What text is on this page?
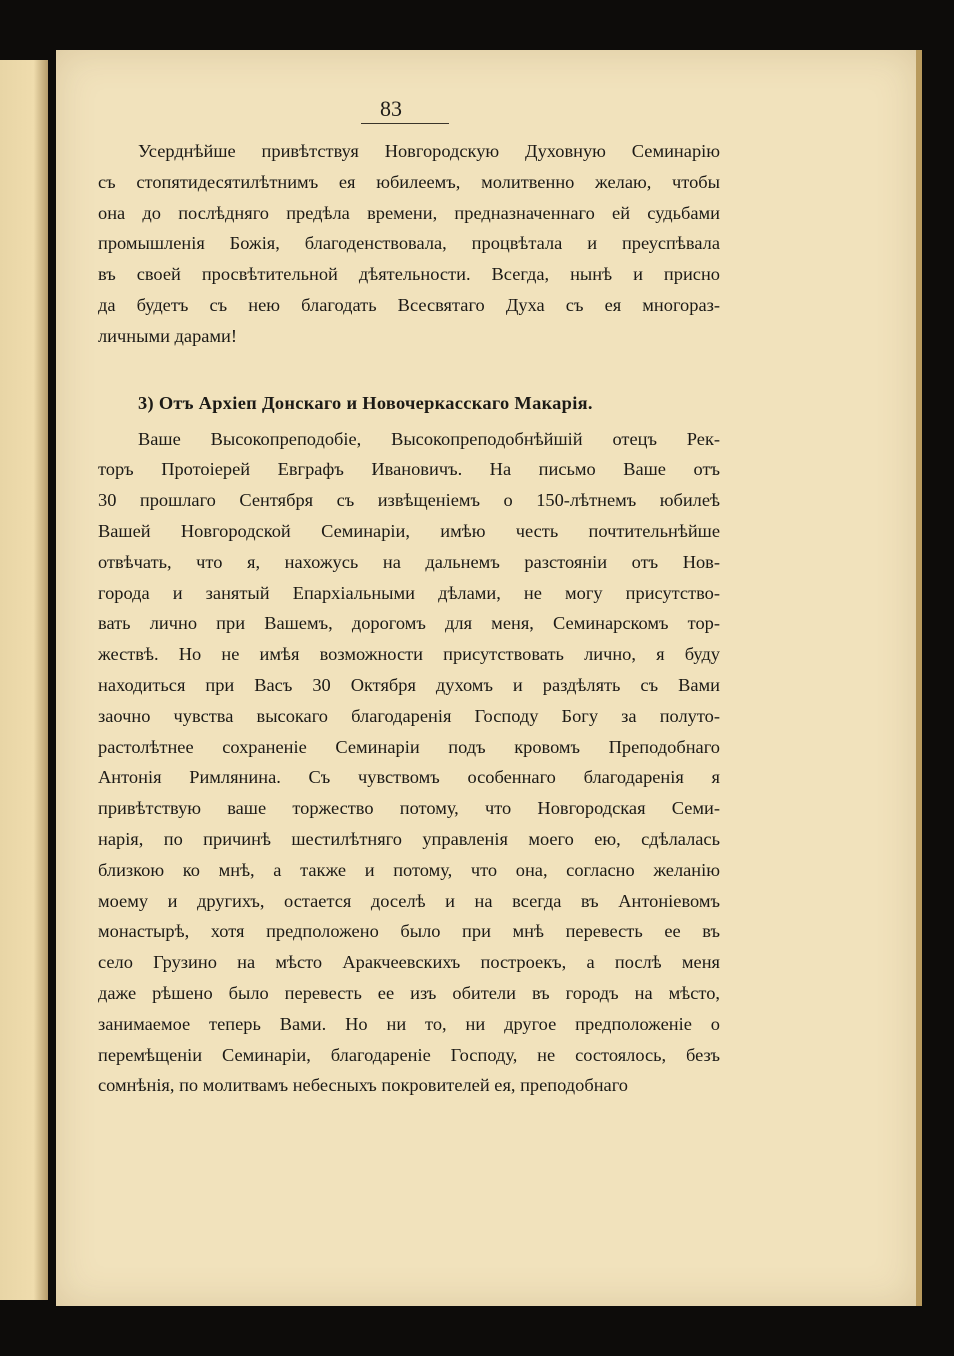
83

Усерднѣйше привѣтствуя Новгородскую Духовную Семинарію
съ стопятидесятилѣтнимъ ея юбилеемъ, молитвенно желаю, чтобы
она до послѣдняго предѣла времени, предназначеннаго ей судьбами
промышленія Божія, благоденствовала, процвѣтала и преуспѣвала
въ своей просвѣтительной дѣятельности. Всегда, нынѣ и присно
да будетъ съ нею благодать Всесвятаго Духа съ ея многораз-
личными дарами!

3) Отъ Архіеп Донскаго и Новочеркасскаго Макарія.

Ваше Высокопреподобіе, Высокопреподобнѣйшій отецъ Рек-
торъ Протоіерей Евграфъ Ивановичъ. На письмо Ваше отъ
30 прошлаго Сентября съ извѣщеніемъ о 150-лѣтнемъ юбилеѣ
Вашей Новгородской Семинаріи, имѣю честь почтительнѣйше
отвѣчать, что я, нахожусь на дальнемъ разстояніи отъ Нов-
города и занятый Епархіальными дѣлами, не могу присутство-
вать лично при Вашемъ, дорогомъ для меня, Семинарскомъ тор-
жествѣ. Но не имѣя возможности присутствовать лично, я буду
находиться при Васъ 30 Октября духомъ и раздѣлять съ Вами
заочно чувства высокаго благодаренія Господу Богу за полуто-
растолѣтнее сохраненіе Семинаріи подъ кровомъ Преподобнаго
Антонія Римлянина. Съ чувствомъ особеннаго благодаренія я
привѣтствую ваше торжество потому, что Новгородская Семи-
нарія, по причинѣ шестилѣтняго управленія моего ею, сдѣлалась
близкою ко мнѣ, а также и потому, что она, согласно желанію
моему и другихъ, остается доселѣ и на всегда въ Антоніевомъ
монастырѣ, хотя предположено было при мнѣ перевесть ее въ
село Грузино на мѣсто Аракчеевскихъ построекъ, а послѣ меня
даже рѣшено было перевесть ее изъ обители въ городъ на мѣсто,
занимаемое теперь Вами. Но ни то, ни другое предположеніе о
перемѣщеніи Семинаріи, благодареніе Господу, не состоялось, безъ
сомнѣнія, по молитвамъ небесныхъ покровителей ея, преподобнаго
